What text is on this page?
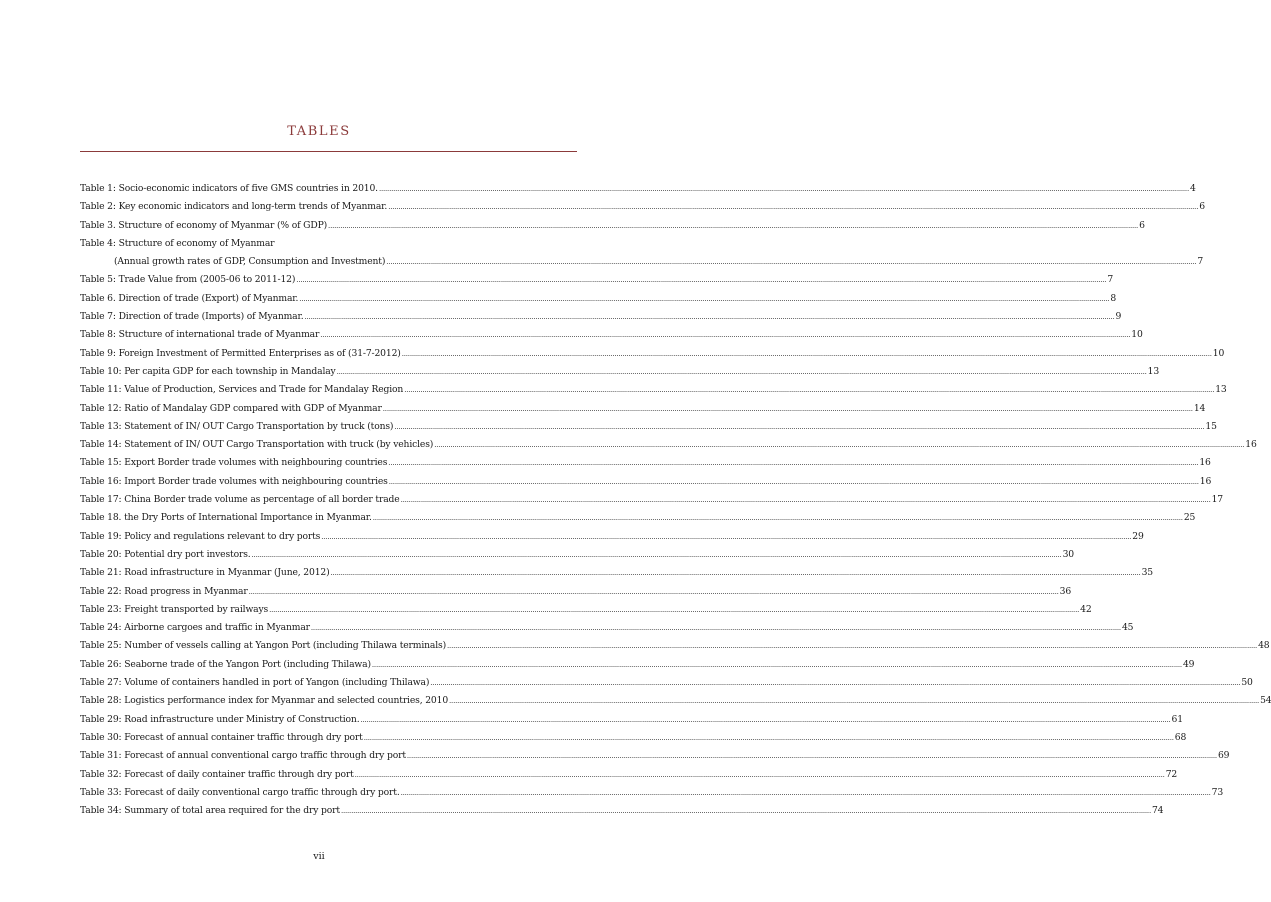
TABLES
Table 1: Socio-economic indicators of five GMS countries in 2010. ................................................................................................................................................................................................................................................................................................................................................................................................................ 4
Table 2: Key economic indicators and long-term trends of Myanmar. ................................................................................................................................................................................................................................................................................................................................................................................................................ 6
Table 3. Structure of economy of Myanmar (% of GDP) ................................................................................................................................................................................................................................................................................................................................................................................................................ 6
Table 4: Structure of economy of Myanmar
(Annual growth rates of GDP, Consumption and Investment) ................................................................................................................................................................................................................................................................................................................................................................................................................ 7
Table 5: Trade Value from (2005-06 to 2011-12) ................................................................................................................................................................................................................................................................................................................................................................................................................ 7
Table 6. Direction of trade (Export) of Myanmar. ................................................................................................................................................................................................................................................................................................................................................................................................................ 8
Table 7: Direction of trade (Imports) of Myanmar. ................................................................................................................................................................................................................................................................................................................................................................................................................ 9
Table 8: Structure of international trade of Myanmar ................................................................................................................................................................................................................................................................................................................................................................................................................ 10
Table 9: Foreign Investment of Permitted Enterprises as of (31-7-2012) ................................................................................................................................................................................................................................................................................................................................................................................................................ 10
Table 10: Per capita GDP for each township in Mandalay ................................................................................................................................................................................................................................................................................................................................................................................................................ 13
Table 11: Value of Production, Services and Trade for Mandalay Region ................................................................................................................................................................................................................................................................................................................................................................................................................ 13
Table 12: Ratio of Mandalay GDP compared with GDP of Myanmar ................................................................................................................................................................................................................................................................................................................................................................................................................ 14
Table 13: Statement of IN/ OUT Cargo Transportation by truck (tons) ................................................................................................................................................................................................................................................................................................................................................................................................................ 15
Table 14: Statement of IN/ OUT Cargo Transportation with truck (by vehicles) ................................................................................................................................................................................................................................................................................................................................................................................................................ 16
Table 15: Export Border trade volumes with neighbouring countries ................................................................................................................................................................................................................................................................................................................................................................................................................ 16
Table 16: Import Border trade volumes with neighbouring countries ................................................................................................................................................................................................................................................................................................................................................................................................................ 16
Table 17: China Border trade volume as percentage of all border trade ................................................................................................................................................................................................................................................................................................................................................................................................................ 17
Table 18. the Dry Ports of International Importance in Myanmar. ................................................................................................................................................................................................................................................................................................................................................................................................................ 25
Table 19: Policy and regulations relevant to dry ports ................................................................................................................................................................................................................................................................................................................................................................................................................ 29
Table 20: Potential dry port investors. ................................................................................................................................................................................................................................................................................................................................................................................................................ 30
Table 21: Road infrastructure in Myanmar (June, 2012) ................................................................................................................................................................................................................................................................................................................................................................................................................ 35
Table 22: Road progress in Myanmar ................................................................................................................................................................................................................................................................................................................................................................................................................ 36
Table 23: Freight transported by railways ................................................................................................................................................................................................................................................................................................................................................................................................................ 42
Table 24: Airborne cargoes and traffic in Myanmar ................................................................................................................................................................................................................................................................................................................................................................................................................ 45
Table 25: Number of vessels calling at Yangon Port (including Thilawa terminals) ................................................................................................................................................................................................................................................................................................................................................................................................................ 48
Table 26: Seaborne trade of the Yangon Port (including Thilawa) ................................................................................................................................................................................................................................................................................................................................................................................................................ 49
Table 27: Volume of containers handled in port of Yangon (including Thilawa) ................................................................................................................................................................................................................................................................................................................................................................................................................ 50
Table 28: Logistics performance index for Myanmar and selected countries, 2010 ................................................................................................................................................................................................................................................................................................................................................................................................................ 54
Table 29: Road infrastructure under Ministry of Construction. ................................................................................................................................................................................................................................................................................................................................................................................................................ 61
Table 30: Forecast of annual container traffic through dry port ................................................................................................................................................................................................................................................................................................................................................................................................................ 68
Table 31: Forecast of annual conventional cargo traffic through dry port ................................................................................................................................................................................................................................................................................................................................................................................................................ 69
Table 32: Forecast of daily container traffic through dry port ................................................................................................................................................................................................................................................................................................................................................................................................................ 72
Table 33: Forecast of daily conventional cargo traffic through dry port. ................................................................................................................................................................................................................................................................................................................................................................................................................ 73
Table 34: Summary of total area required for the dry port ................................................................................................................................................................................................................................................................................................................................................................................................................ 74
vii
